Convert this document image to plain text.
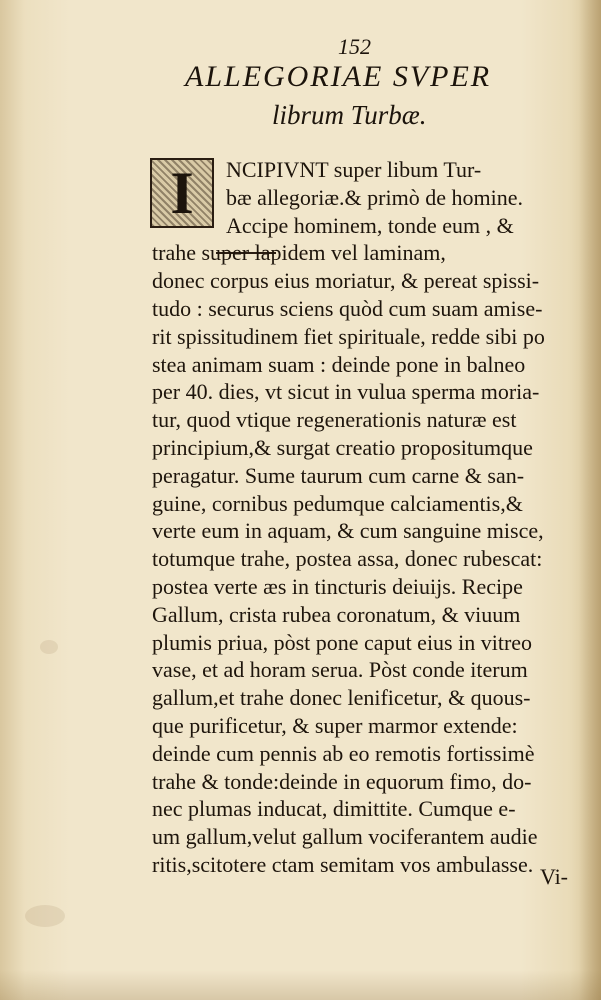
152
ALLEGORIAE SVPER
librum Turbæ.
I	NCIPIVNT super libum Tur-
bæ allegoriæ.& primò de homine.
Accipe hominem, tonde eum , &
trahe super lapidem vel laminam,
donec corpus eius moriatur, & pereat spissi-
tudo : securus sciens quòd cum suam amise-
rit spissitudinem fiet spirituale, redde sibi po
stea animam suam : deinde pone in balneo
per 40. dies, vt sicut in vulua sperma moria-
tur, quod vtique regenerationis naturæ est
principium,& surgat creatio propositumque
peragatur. Sume taurum cum carne & san-
guine, cornibus pedumque calciamentis,&
verte eum in aquam, & cum sanguine misce,
totumque trahe, postea assa, donec rubescat:
postea verte æs in tincturis deiuijs. Recipe
Gallum, crista rubea coronatum, & viuum
plumis priua, pòst pone caput eius in vitreo
vase, et ad horam serua. Pòst conde iterum
gallum,et trahe donec lenificetur, & quous-
que purificetur, & super marmor extende:
deinde cum pennis ab eo remotis fortissimè
trahe & tonde:deinde in equorum fimo, do-
nec plumas inducat, dimittite. Cumque e-
um gallum,velut gallum vociferantem audie
ritis,scitotere ctam semitam vos ambulasse. Vi-
